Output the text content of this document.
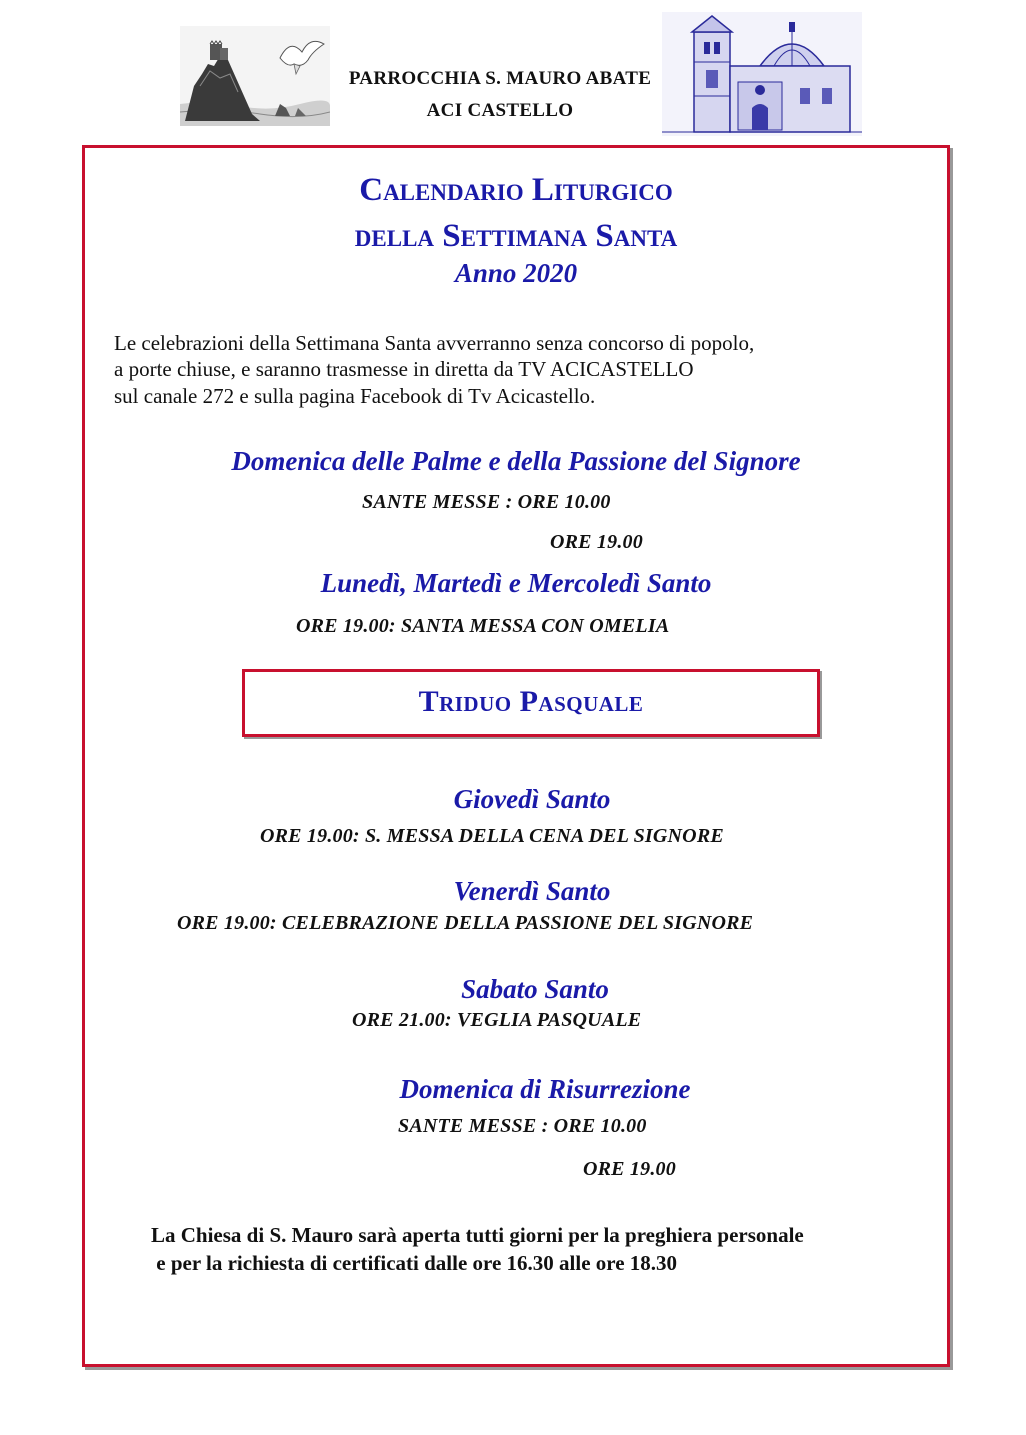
PARROCCHIA S. MAURO ABATE
ACI CASTELLO
Calendario Liturgico
della Settimana Santa
Anno 2020
Le celebrazioni della Settimana Santa avverranno senza concorso di popolo,
a porte chiuse, e saranno trasmesse in diretta da TV ACICASTELLO
sul canale 272 e sulla pagina Facebook di Tv Acicastello.
Domenica delle Palme e della Passione del Signore
SANTE MESSE : ORE 10.00
ORE 19.00
Lunedì, Martedì e Mercoledì Santo
ORE 19.00: SANTA MESSA CON OMELIA
Triduo Pasquale
Giovedì Santo
ORE 19.00: S. MESSA DELLA CENA DEL SIGNORE
Venerdì Santo
ORE 19.00: CELEBRAZIONE DELLA PASSIONE DEL SIGNORE
Sabato Santo
ORE 21.00: VEGLIA PASQUALE
Domenica di Risurrezione
SANTE MESSE : ORE 10.00
ORE 19.00
La Chiesa di S. Mauro sarà aperta tutti giorni per la preghiera personale
e per la richiesta di certificati dalle ore 16.30 alle ore 18.30
